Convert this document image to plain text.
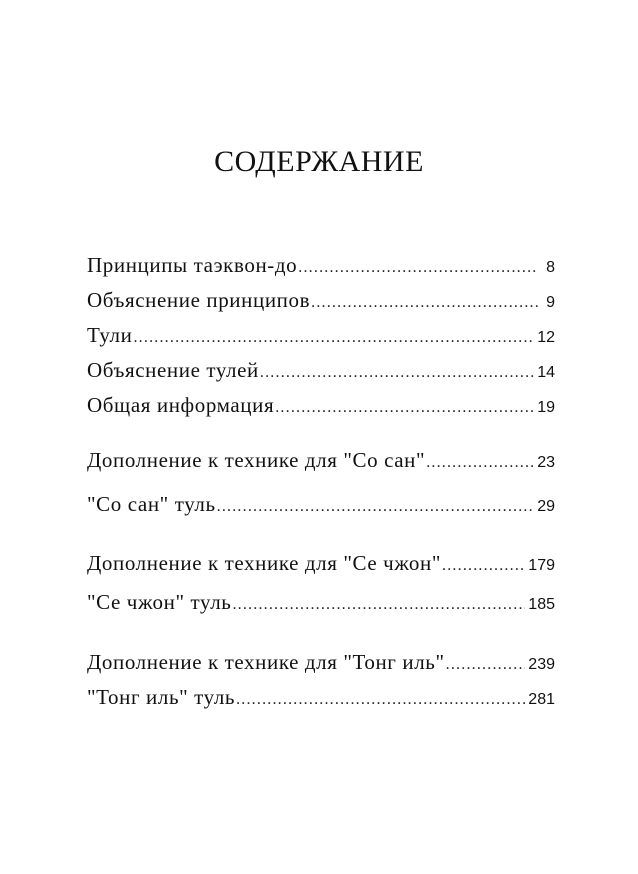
СОДЕРЖАНИЕ
Принципы таэквон-до .....	8
Объяснение принципов .....	9
Тули .....	12
Объяснение тулей .....	14
Общая информация .....	19
Дополнение к технике для "Со сан" .....	23
"Со сан" туль .....	29
Дополнение к технике для "Се чжон" .....	179
"Се чжон" туль .....	185
Дополнение к технике для "Тонг иль" .....	239
"Тонг иль" туль .....	281
